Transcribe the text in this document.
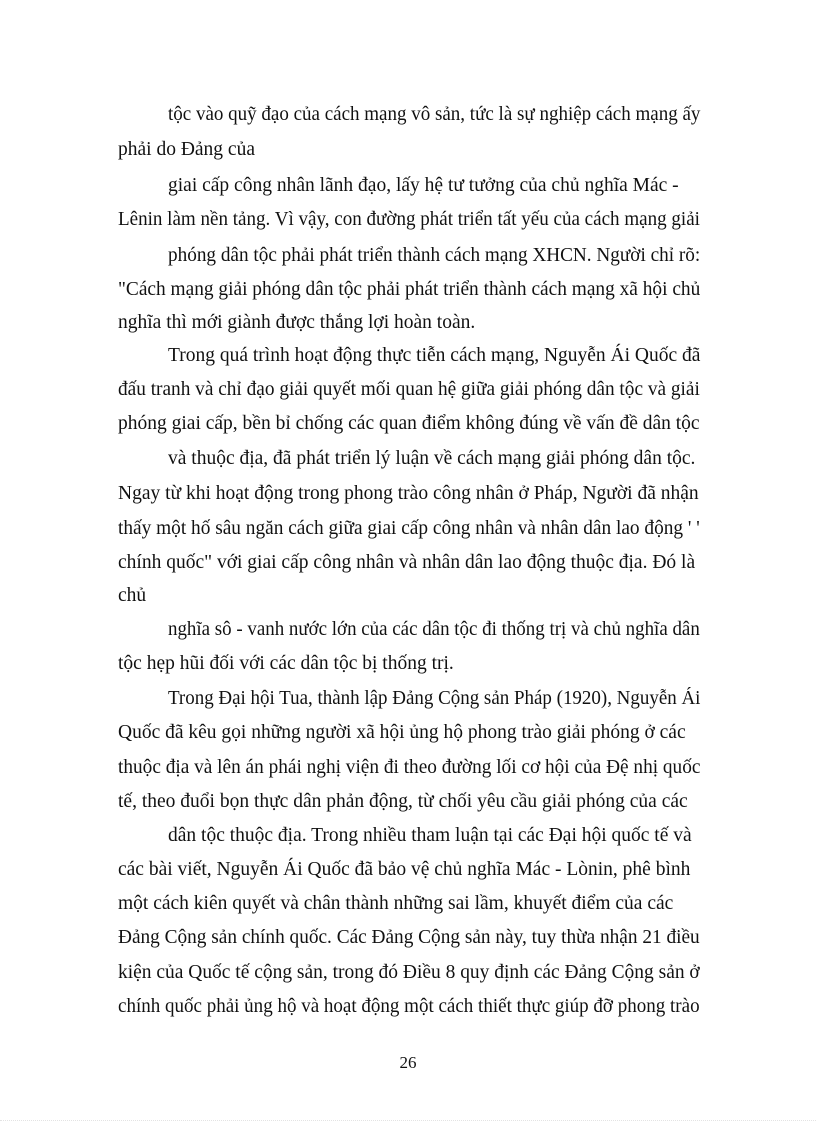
tộc vào quỹ đạo của cách mạng vô sản, tức là sự nghiệp cách mạng ấy
phải do Đảng của
giai cấp công nhân lãnh đạo, lấy hệ tư tưởng của chủ nghĩa Mác -
Lênin làm nền tảng. Vì vậy, con đường phát triển tất yếu của cách mạng giải
phóng dân tộc phải phát triển thành cách mạng XHCN. Người chỉ rõ:
"Cách mạng giải phóng dân tộc phải phát triển thành cách mạng xã hội chủ
nghĩa thì mới giành được thắng lợi hoàn toàn.
Trong quá trình hoạt động thực tiễn cách mạng, Nguyễn Ái Quốc đã
đấu tranh và chỉ đạo giải quyết mối quan hệ giữa giải phóng dân tộc và giải
phóng giai cấp, bền bỉ chống các quan điểm không đúng về vấn đề dân tộc
và thuộc địa, đã phát triển lý luận về cách mạng giải phóng dân tộc.
Ngay từ khi hoạt động trong phong trào công nhân ở Pháp, Người đã nhận
thấy một hố sâu ngăn cách giữa giai cấp công nhân và nhân dân lao động ' '
chính quốc" với giai cấp công nhân và nhân dân lao động thuộc địa. Đó là
chủ
nghĩa sô - vanh nước lớn của các dân tộc đi thống trị và chủ nghĩa dân
tộc hẹp hũi đối với các dân tộc bị thống trị.
Trong Đại hội Tua, thành lập Đảng Cộng sản Pháp (1920), Nguyễn Ái
Quốc đã kêu gọi những người xã hội ủng hộ phong trào giải phóng ở các
thuộc địa và lên án phái nghị viện đi theo đường lối cơ hội của Đệ nhị quốc
tế, theo đuổi bọn thực dân phản động, từ chối yêu cầu giải phóng của các
dân tộc thuộc địa. Trong nhiều tham luận tại các Đại hội quốc tế và
các bài viết, Nguyễn Ái Quốc đã bảo vệ chủ nghĩa Mác - Lònin, phê bình
một cách kiên quyết và chân thành những sai lầm, khuyết điểm của các
Đảng Cộng sản chính quốc. Các Đảng Cộng sản này, tuy thừa nhận 21 điều
kiện của Quốc tế cộng sản, trong đó Điều 8 quy định các Đảng Cộng sản ở
chính quốc phải ủng hộ và hoạt động một cách thiết thực giúp đỡ phong trào
26
